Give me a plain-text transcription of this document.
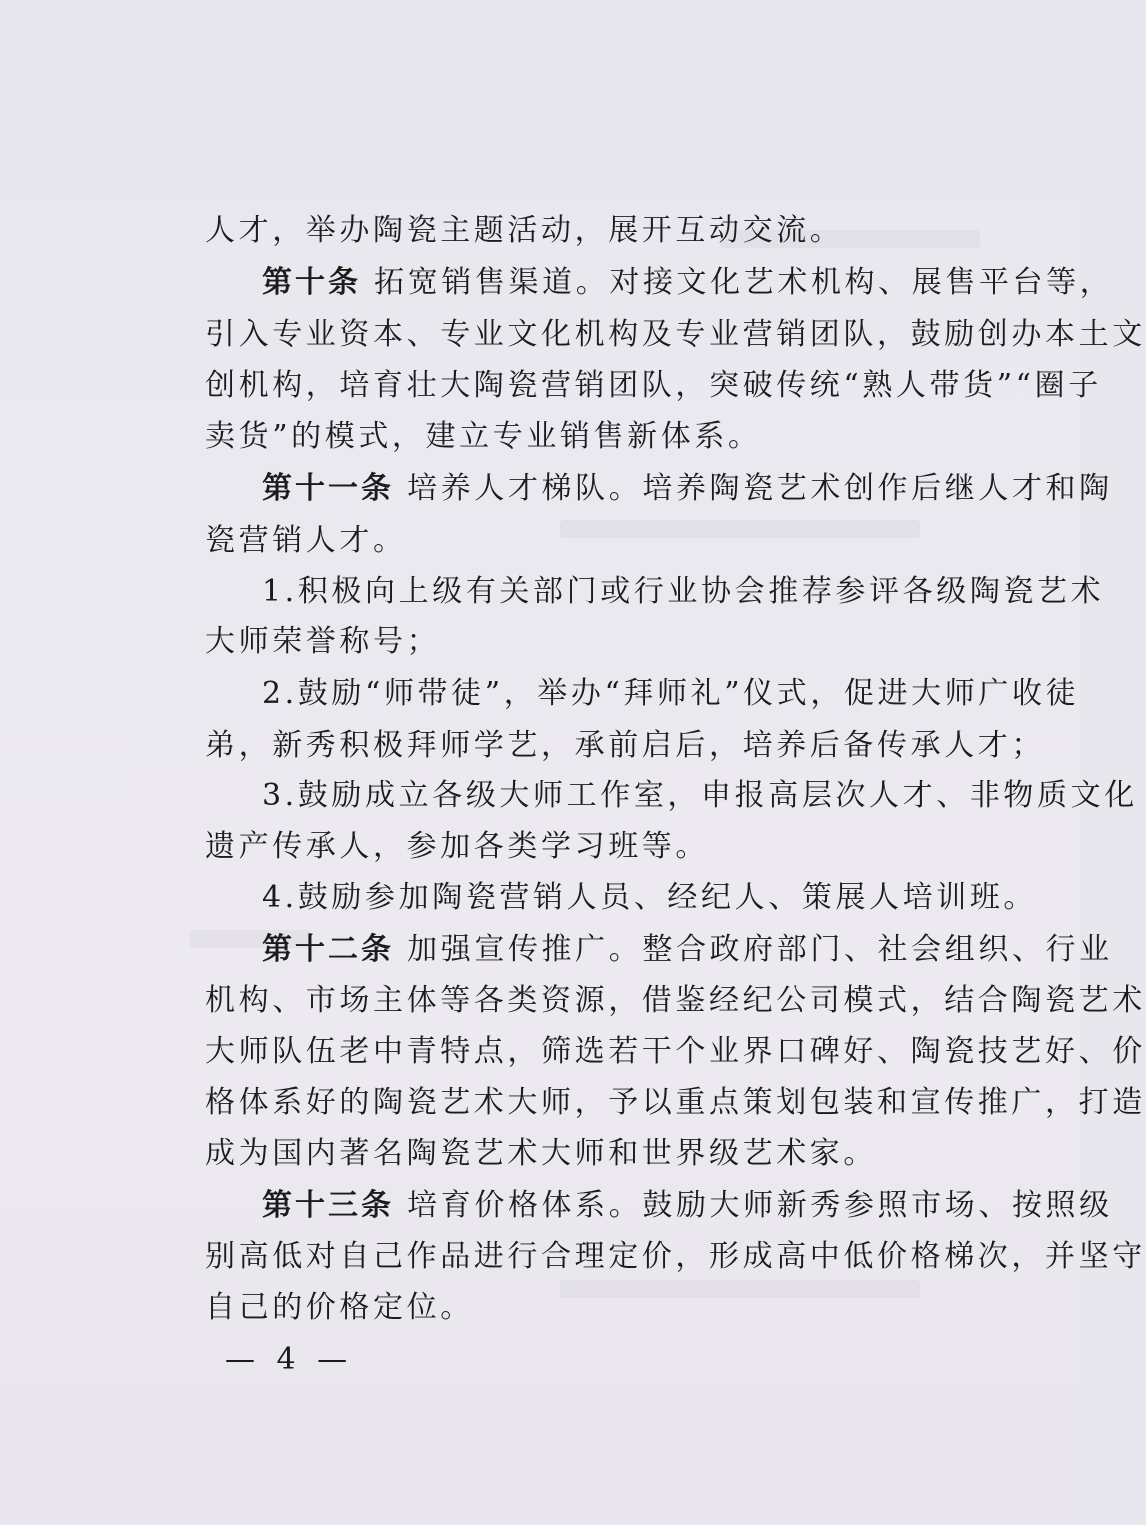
人才，举办陶瓷主题活动，展开互动交流。
第十条 拓宽销售渠道。对接文化艺术机构、展售平台等，
引入专业资本、专业文化机构及专业营销团队，鼓励创办本土文
创机构，培育壮大陶瓷营销团队，突破传统“熟人带货”“圈子
卖货”的模式，建立专业销售新体系。
第十一条 培养人才梯队。培养陶瓷艺术创作后继人才和陶
瓷营销人才。
1.积极向上级有关部门或行业协会推荐参评各级陶瓷艺术
大师荣誉称号；
2.鼓励“师带徒”，举办“拜师礼”仪式，促进大师广收徒
弟，新秀积极拜师学艺，承前启后，培养后备传承人才；
3.鼓励成立各级大师工作室，申报高层次人才、非物质文化
遗产传承人，参加各类学习班等。
4.鼓励参加陶瓷营销人员、经纪人、策展人培训班。
第十二条 加强宣传推广。整合政府部门、社会组织、行业
机构、市场主体等各类资源，借鉴经纪公司模式，结合陶瓷艺术
大师队伍老中青特点，筛选若干个业界口碑好、陶瓷技艺好、价
格体系好的陶瓷艺术大师，予以重点策划包装和宣传推广，打造
成为国内著名陶瓷艺术大师和世界级艺术家。
第十三条 培育价格体系。鼓励大师新秀参照市场、按照级
别高低对自己作品进行合理定价，形成高中低价格梯次，并坚守
自己的价格定位。
— 4 —
